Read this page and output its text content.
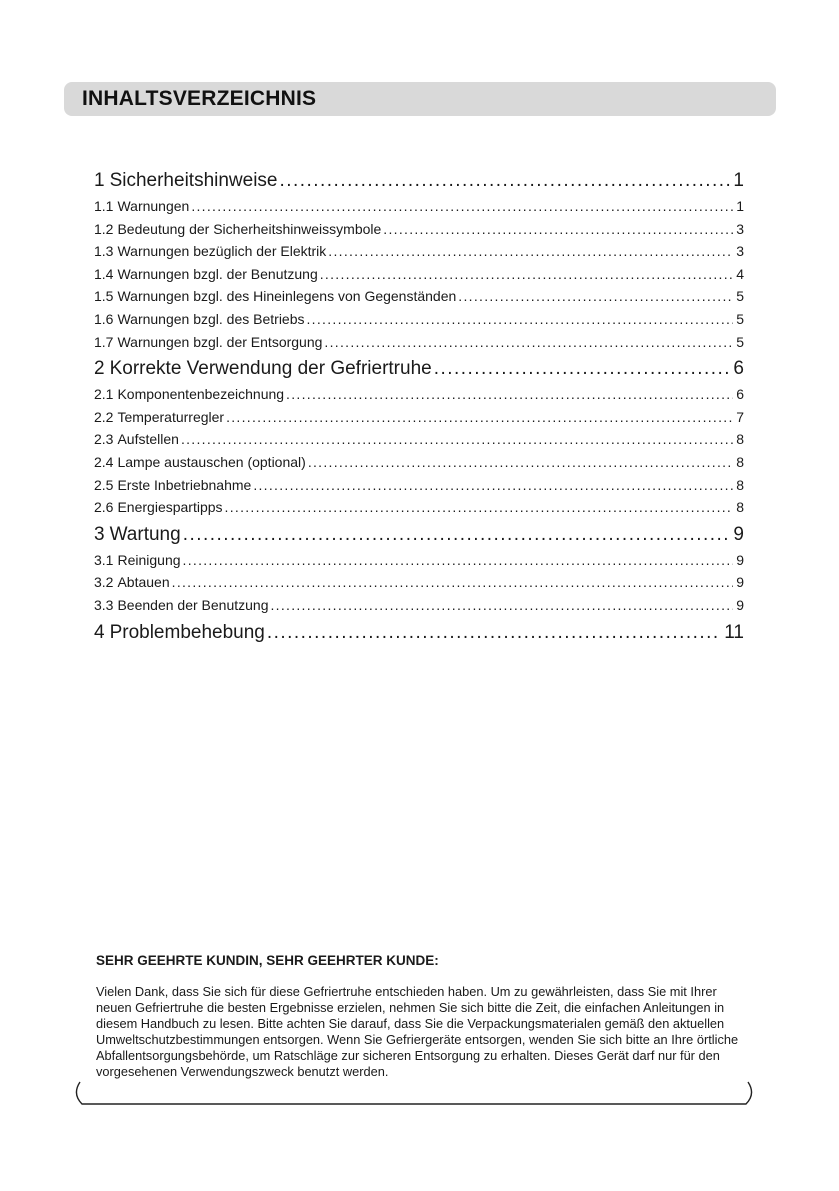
INHALTSVERZEICHNIS
1 Sicherheitshinweise . . .	1
1.1 Warnungen . . .	1
1.2 Bedeutung der Sicherheitshinweissymbole . . .	3
1.3 Warnungen bezüglich der Elektrik . . .	3
1.4 Warnungen bzgl. der Benutzung . . .	4
1.5 Warnungen bzgl. des Hineinlegens von Gegenständen . . .	5
1.6 Warnungen bzgl. des Betriebs . . .	5
1.7 Warnungen bzgl. der Entsorgung . . .	5
2 Korrekte Verwendung der Gefriertruhe . . .	6
2.1 Komponentenbezeichnung . . .	6
2.2 Temperaturregler . . .	7
2.3 Aufstellen . . .	8
2.4 Lampe austauschen (optional) . . .	8
2.5 Erste Inbetriebnahme . . .	8
2.6 Energiespartipps . . .	8
3 Wartung . . .	9
3.1 Reinigung . . .	9
3.2 Abtauen . . .	9
3.3 Beenden der Benutzung . . .	9
4 Problembehebung . . .	11

SEHR GEEHRTE KUNDIN, SEHR GEEHRTER KUNDE:

Vielen Dank, dass Sie sich für diese Gefriertruhe entschieden haben. Um zu gewährleisten, dass Sie mit Ihrer neuen Gefriertruhe die besten Ergebnisse erzielen, nehmen Sie sich bitte die Zeit, die einfachen Anleitungen in diesem Handbuch zu lesen. Bitte achten Sie darauf, dass Sie die Verpackungsmaterialen gemäß den aktuellen Umweltschutzbestimmungen entsorgen. Wenn Sie Gefriergeräte entsorgen, wenden Sie sich bitte an Ihre örtliche Abfallentsorgungsbehörde, um Ratschläge zur sicheren Entsorgung zu erhalten. Dieses Gerät darf nur für den vorgesehenen Verwendungszweck benutzt werden.
